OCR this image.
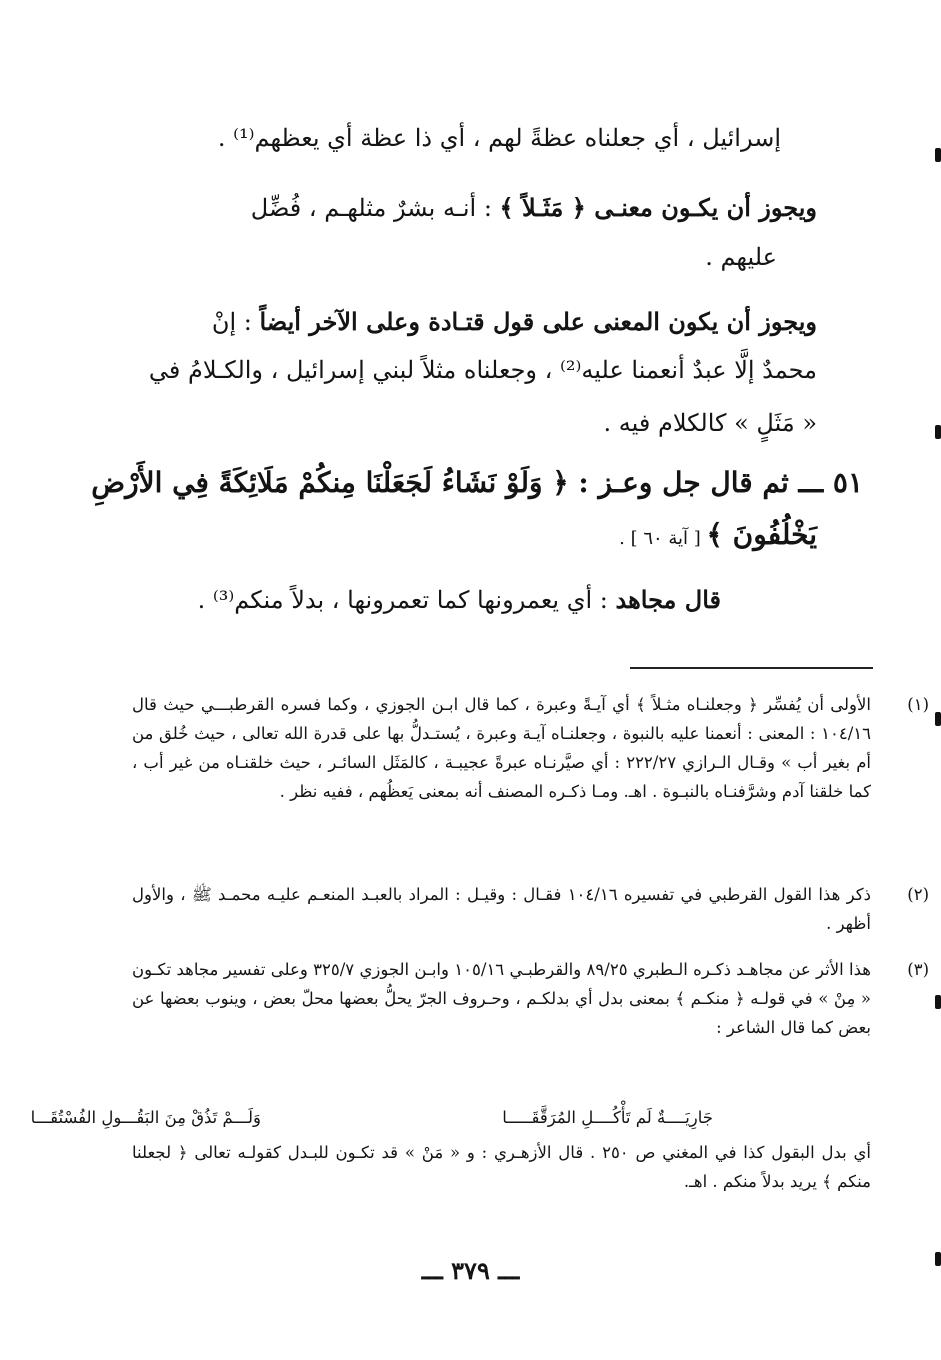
إسرائيل ، أي جعلناه عظةً لهم ، أي ذا عظة أي يعظهم⁽¹⁾ .
ويجوز أن يكـون معنـى ﴿ مَثَـلاً ﴾ : أنـه بشرٌ مثلهـم ، فُضِّل
عليهم .
ويجوز أن يكون المعنى على قول قتـادة وعلى الآخر أيضاً : إنْ
محمدٌ إلَّا عبدٌ أنعمنا عليه⁽²⁾ ، وجعلناه مثلاً لبني إسرائيل ، والكـلامُ في
« مَثَلٍ » كالكلام فيه .
٥١ ـــ ثم قال جل وعـز : ﴿ وَلَوْ نَشَاءُ لَجَعَلْنَا مِنكُمْ مَلَائِكَةً فِي الأَرْضِ
يَخْلُفُونَ ﴾ [ آية ٦٠ ] .
قال مجاهد : أي يعمرونها كما تعمرونها ، بدلاً منكم⁽³⁾ .
(١)
الأولى أن يُفسِّر ﴿ وجعلنـاه مثـلاً ﴾ أي آيـةً وعبرة ، كما قال ابـن الجوزي ، وكما فسره القرطبـــي حيث قال ١٠٤/١٦ : المعنى : أنعمنا عليه بالنبوة ، وجعلنـاه آيـة وعبرة ، يُستـدلُّ بها على قدرة الله تعالى ، حيث خُلق من أم بغير أب » وقـال الـرازي ٢٢٢/٢٧ : أي صيَّرنـاه عبرةً عجيبـة ، كالمَثَل السائـر ، حيث خلقنـاه من غير أب ، كما خلقنا آدم وشرَّفنـاه بالنبـوة . اهـ. ومـا ذكـره المصنف أنه بمعنى يَعظُهم ، ففيه نظر .
(٢)
ذكر هذا القول القرطبي في تفسيره ١٠٤/١٦ فقـال : وقيـل : المراد بالعبـد المنعـم عليـه محمـد ﷺ ، والأول أظهر .
(٣)
هذا الأثر عن مجاهـد ذكـره الـطبري ٨٩/٢٥ والقرطبـي ١٠٥/١٦ وابـن الجوزي ٣٢٥/٧ وعلى تفسير مجاهد تكـون « مِنْ » في قولـه ﴿ منكـم ﴾ بمعنى بدل أي بدلكـم ، وحـروف الجرّ يحلُّ بعضها محلّ بعض ، وينوب بعضها عن بعض كما قال الشاعر :
جَارِيَــــةٌ لَم تَأْكُــــلِ المُرَقَّقَـــــا
وَلَـــمْ تَذُقْ مِنَ البَقُـــولِ الفُسْتُقَـــا
أي بدل البقول كذا في المغني ص ٢٥٠ . قال الأزهـري : و « مَنْ » قد تكـون للبـدل كقولـه تعالى ﴿ لجعلنا منكم ﴾ يريد بدلاً منكم . اهـ.
ـــ ٣٧٩ ـــ
